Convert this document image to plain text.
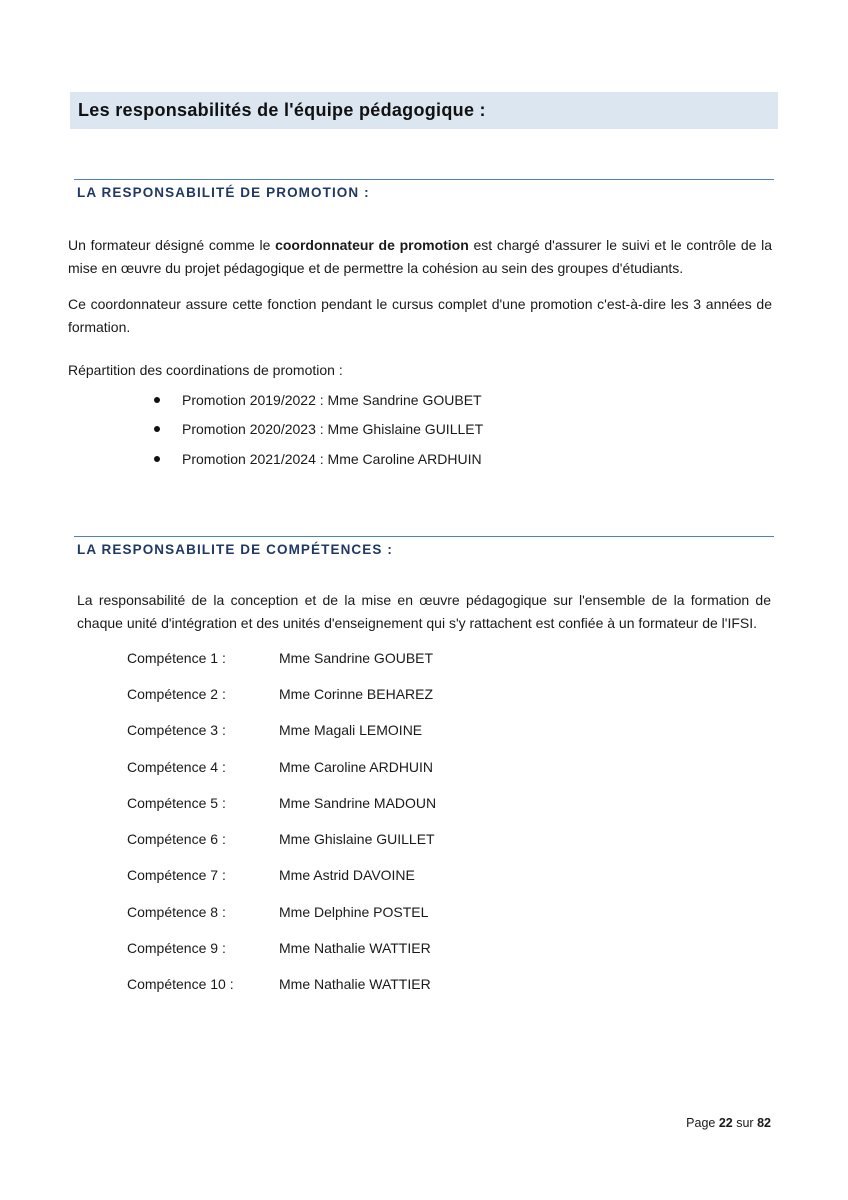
Les responsabilités de l'équipe pédagogique :
LA RESPONSABILITÉ DE PROMOTION :
Un formateur désigné comme le coordonnateur de promotion est chargé d'assurer le suivi et le contrôle de la mise en œuvre du projet pédagogique et de permettre la cohésion au sein des groupes d'étudiants.
Ce coordonnateur assure cette fonction pendant le cursus complet d'une promotion c'est-à-dire les 3 années de formation.
Répartition des coordinations de promotion :
Promotion 2019/2022 : Mme Sandrine GOUBET
Promotion 2020/2023 : Mme Ghislaine GUILLET
Promotion 2021/2024 : Mme Caroline ARDHUIN
LA RESPONSABILITE DE COMPÉTENCES :
La responsabilité de la conception et de la mise en œuvre pédagogique sur l'ensemble de la formation de chaque unité d'intégration et des unités d'enseignement qui s'y rattachent est confiée à un formateur de l'IFSI.
Compétence 1 :	Mme Sandrine GOUBET
Compétence 2 :	Mme Corinne BEHAREZ
Compétence 3 :	Mme Magali LEMOINE
Compétence 4 :	Mme Caroline ARDHUIN
Compétence 5 :	Mme Sandrine MADOUN
Compétence 6 :	Mme Ghislaine GUILLET
Compétence 7 :	Mme Astrid DAVOINE
Compétence 8 :	Mme Delphine POSTEL
Compétence 9 :	Mme Nathalie WATTIER
Compétence 10 :	Mme Nathalie WATTIER
Page 22 sur 82
